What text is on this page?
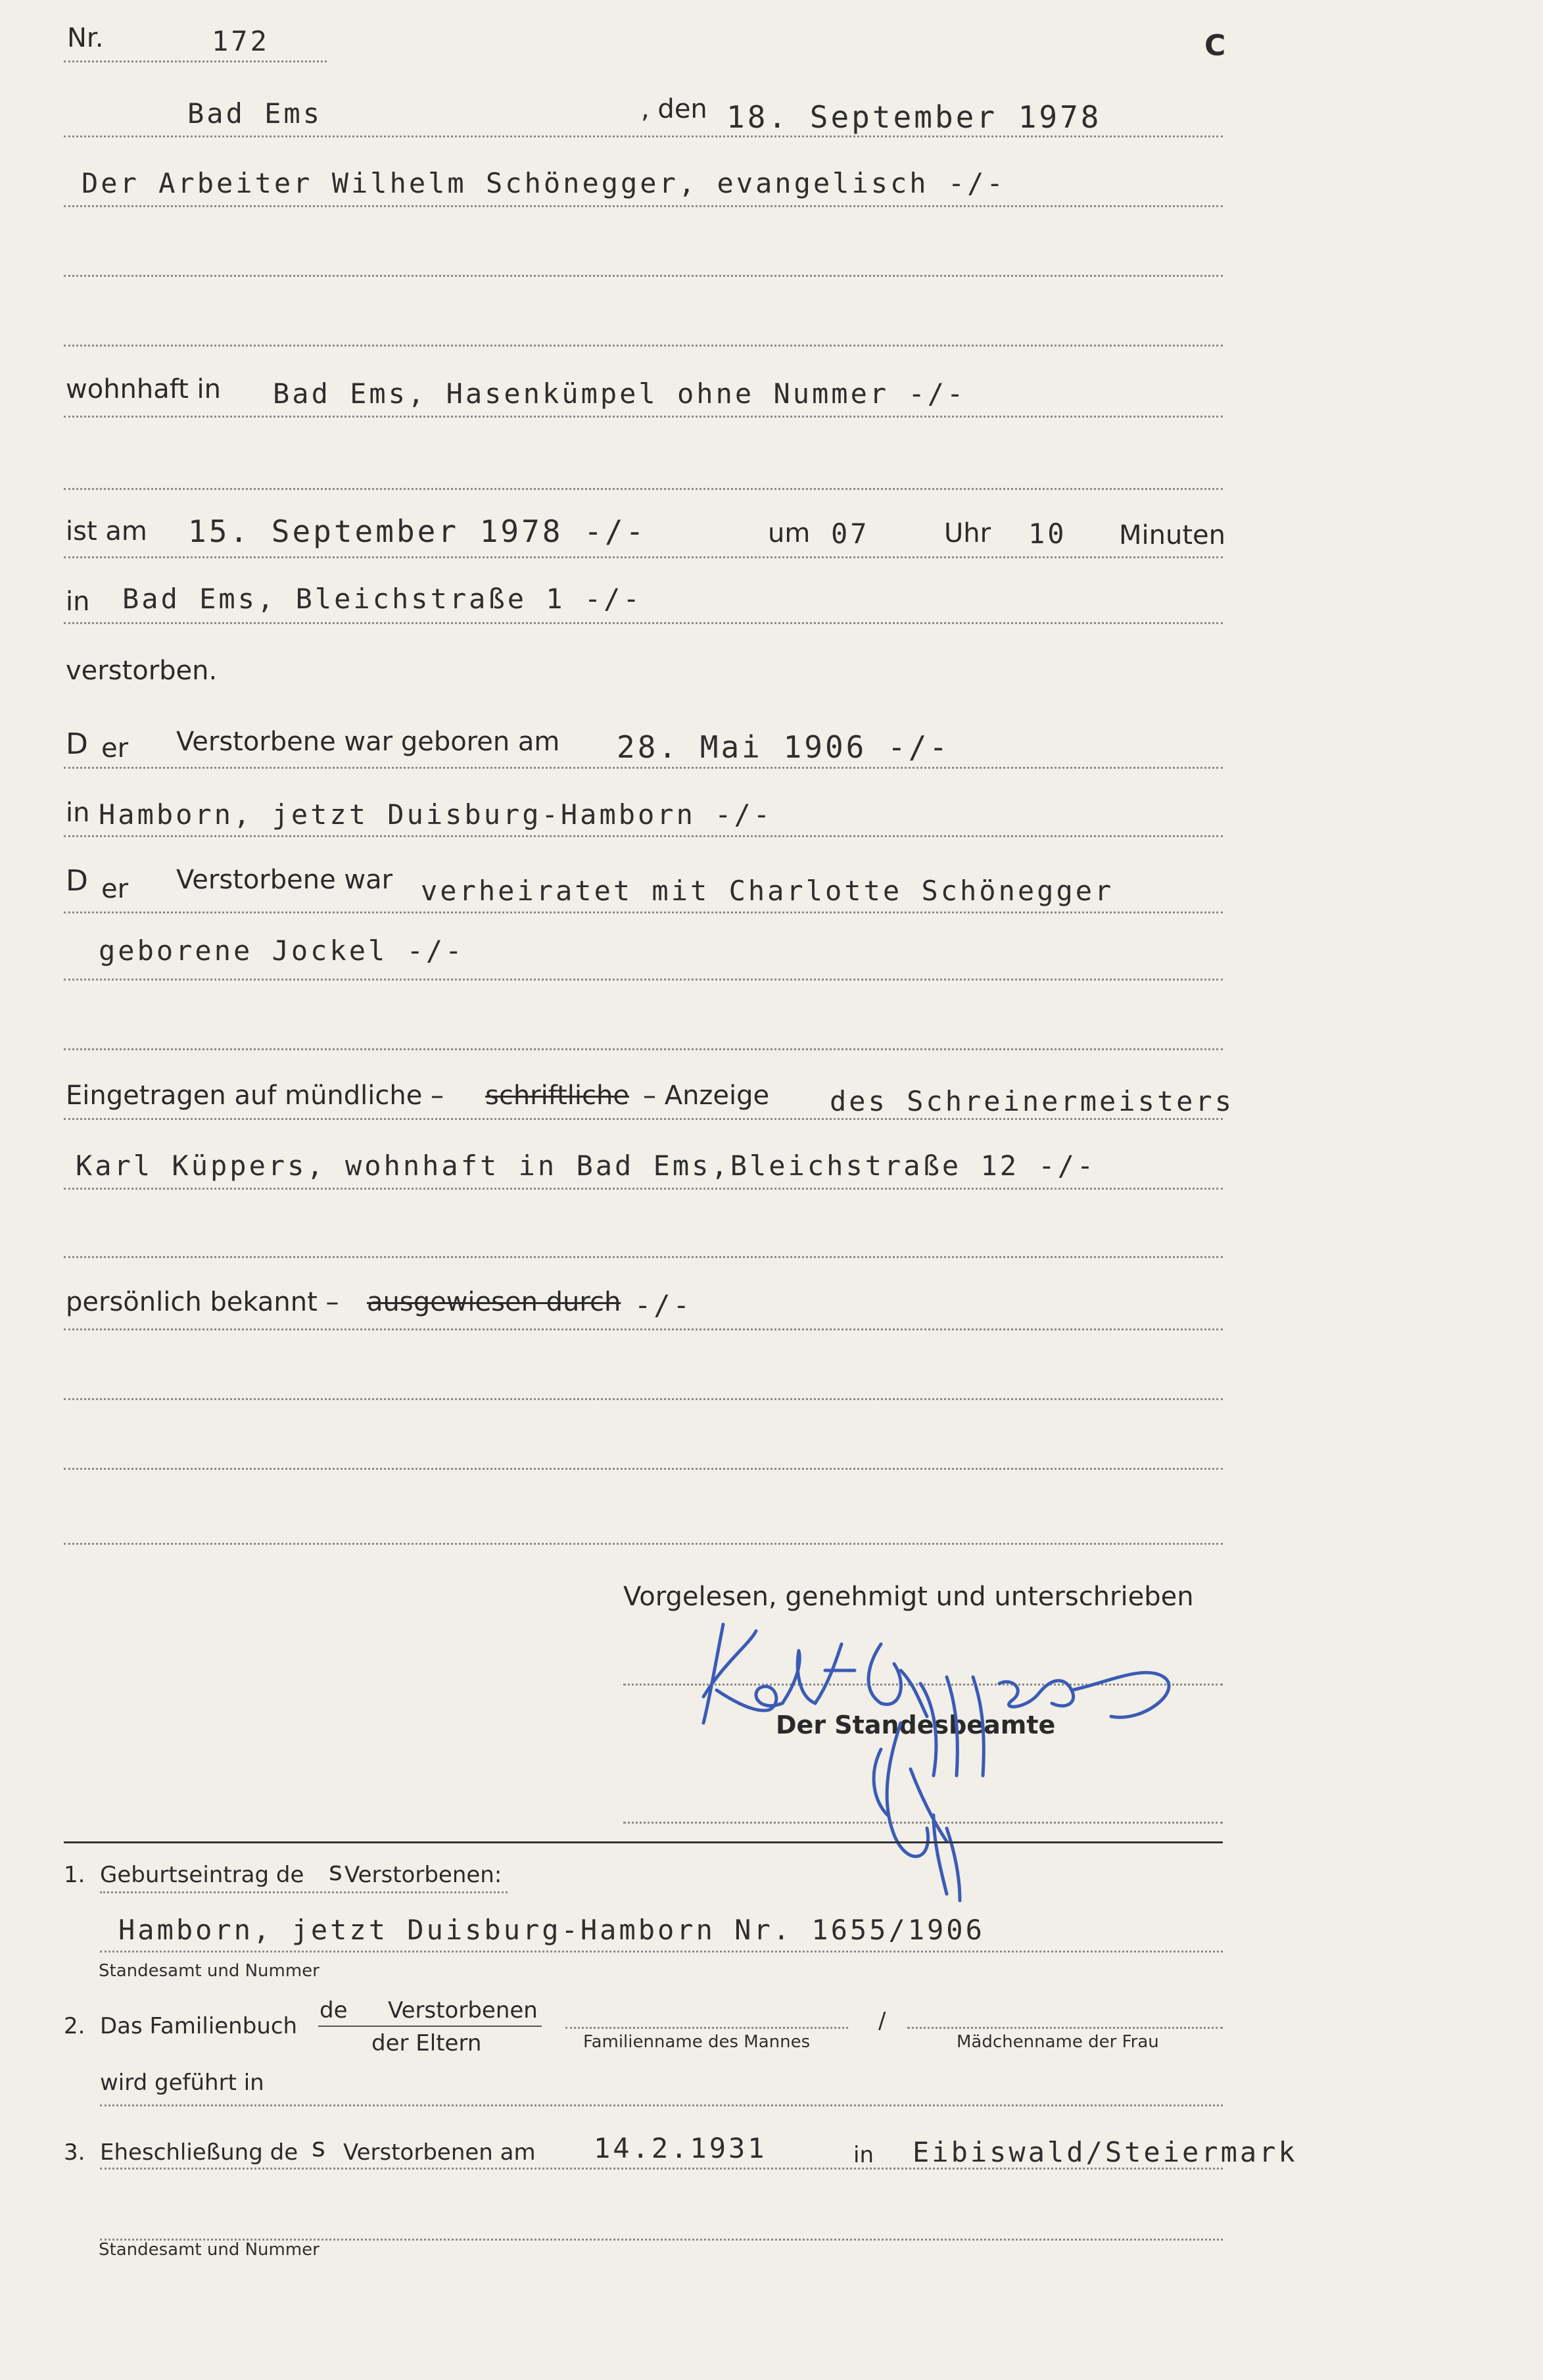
Nr.	172	C
Bad Ems	, den 18. September 1978
Der Arbeiter Wilhelm Schönegger, evangelisch -/-
wohnhaft in Bad Ems, Hasenkümpel ohne Nummer -/-
ist am 15. September 1978 -/-	um 07	Uhr 10 Minuten
in Bad Ems, Bleichstraße 1 -/-
verstorben.
D er Verstorbene war geboren am 28. Mai 1906 -/-
in Hamborn, jetzt Duisburg-Hamborn -/-
D er Verstorbene war verheiratet mit Charlotte Schönegger
geborene Jockel -/-
Eingetragen auf mündliche – schriftliche – Anzeige des Schreinermeisters
Karl Küppers, wohnhaft in Bad Ems,Bleichstraße 12 -/-
persönlich bekannt – ausgewiesen durch -/-
Vorgelesen, genehmigt und unterschrieben
Der Standesbeamte
1. Geburtseintrag de s Verstorbenen:
Hamborn, jetzt Duisburg-Hamborn Nr. 1655/1906
Standesamt und Nummer
2. Das Familienbuch
de Verstorbenen
der Eltern	Familienname des Mannes
/
Mädchenname der Frau
wird geführt in
3. Eheschließung de s Verstorbenen am 14.2.1931	in Eibiswald/Steiermark
Standesamt und Nummer
